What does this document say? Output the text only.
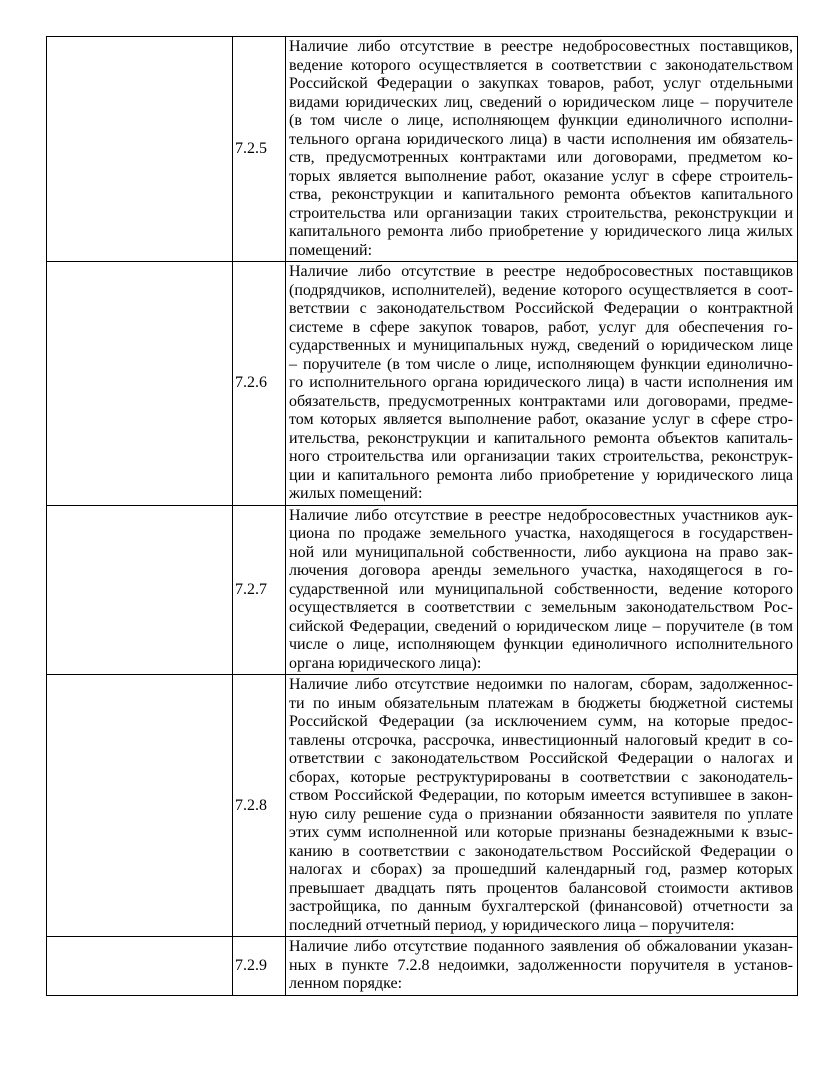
	7.2.5	
Наличие либо отсутствие в реестре недобросовестных поставщиков,
ведение которого осуществляется в соответствии с законодательством
Российской Федерации о закупках товаров, работ, услуг отдельными
видами юридических лиц, сведений о юридическом лице – поручителе
(в том числе о лице, исполняющем функции единоличного исполни-
тельного органа юридического лица) в части исполнения им обязатель-
ств, предусмотренных контрактами или договорами, предметом ко-
торых является выполнение работ, оказание услуг в сфере строитель-
ства, реконструкции и капитального ремонта объектов капитального
строительства или организации таких строительства, реконструкции и
капитального ремонта либо приобретение у юридического лица жилых
помещений:

	7.2.6	
Наличие либо отсутствие в реестре недобросовестных поставщиков
(подрядчиков, исполнителей), ведение которого осуществляется в соот-
ветствии с законодательством Российской Федерации о контрактной
системе в сфере закупок товаров, работ, услуг для обеспечения го-
сударственных и муниципальных нужд, сведений о юридическом лице
– поручителе (в том числе о лице, исполняющем функции единолично-
го исполнительного органа юридического лица) в части исполнения им
обязательств, предусмотренных контрактами или договорами, предме-
том которых является выполнение работ, оказание услуг в сфере стро-
ительства, реконструкции и капитального ремонта объектов капиталь-
ного строительства или организации таких строительства, реконструк-
ции и капитального ремонта либо приобретение у юридического лица
жилых помещений:

	7.2.7	
Наличие либо отсутствие в реестре недобросовестных участников аук-
циона по продаже земельного участка, находящегося в государствен-
ной или муниципальной собственности, либо аукциона на право зак-
лючения договора аренды земельного участка, находящегося в го-
сударственной или муниципальной собственности, ведение которого
осуществляется в соответствии с земельным законодательством Рос-
сийской Федерации, сведений о юридическом лице – поручителе (в том
числе о лице, исполняющем функции единоличного исполнительного
органа юридического лица):

	7.2.8	
Наличие либо отсутствие недоимки по налогам, сборам, задолженнос-
ти по иным обязательным платежам в бюджеты бюджетной системы
Российской Федерации (за исключением сумм, на которые предос-
тавлены отсрочка, рассрочка, инвестиционный налоговый кредит в со-
ответствии с законодательством Российской Федерации о налогах и
сборах, которые реструктурированы в соответствии с законодатель-
ством Российской Федерации, по которым имеется вступившее в закон-
ную силу решение суда о признании обязанности заявителя по уплате
этих сумм исполненной или которые признаны безнадежными к взыс-
канию в соответствии с законодательством Российской Федерации о
налогах и сборах) за прошедший календарный год, размер которых
превышает двадцать пять процентов балансовой стоимости активов
застройщика, по данным бухгалтерской (финансовой) отчетности за
последний отчетный период, у юридического лица – поручителя:

	7.2.9	Наличие либо отсутствие поданного заявления об обжаловании указан-
ных в пункте 7.2.8 недоимки, задолженности поручителя в установ-
ленном порядке:
